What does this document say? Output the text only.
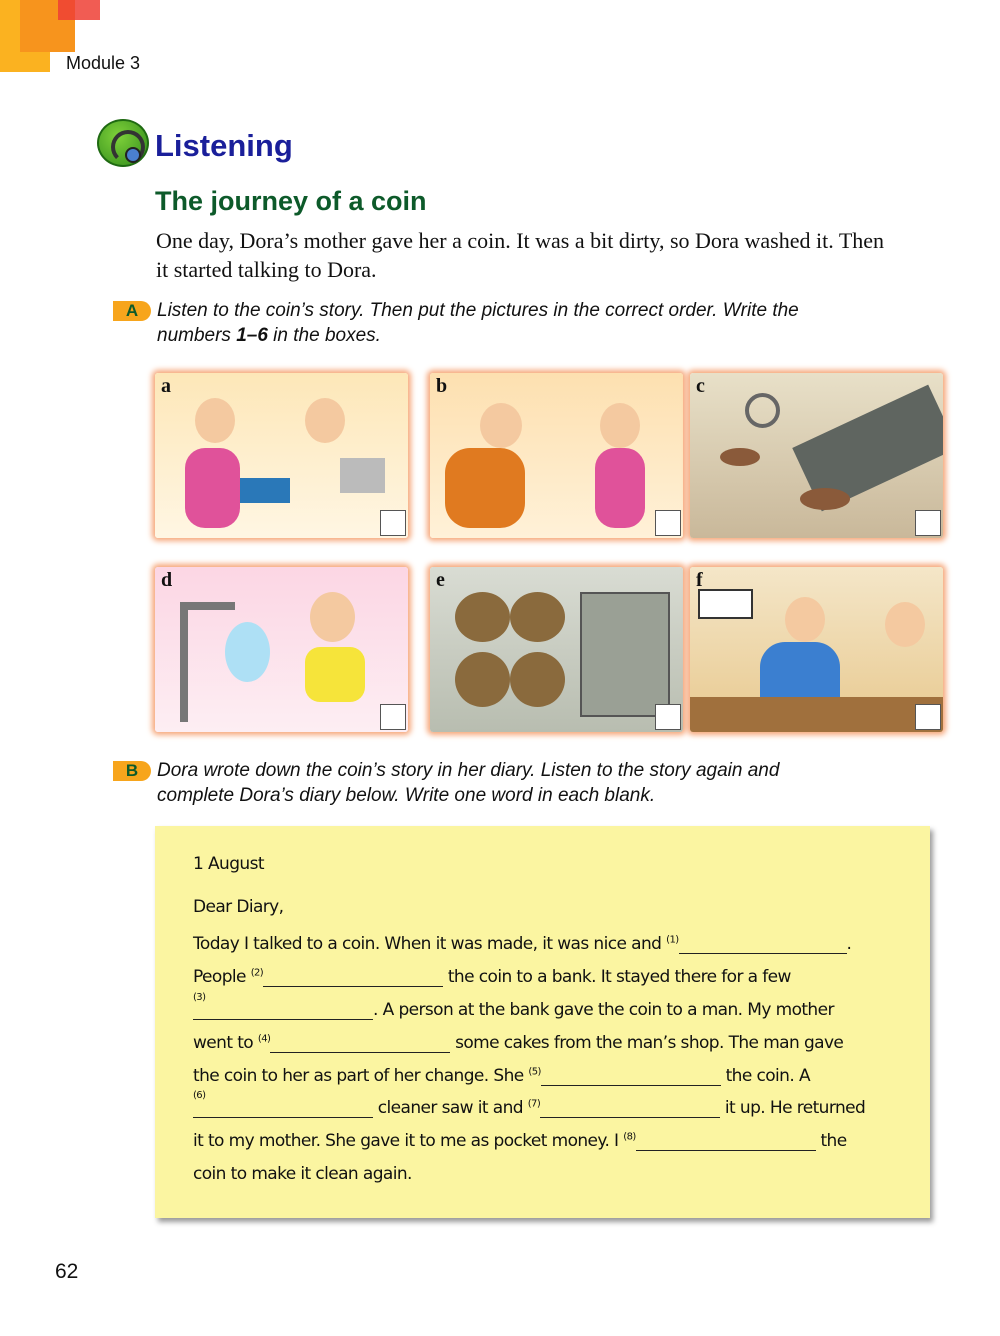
Module 3
Listening
The journey of a coin
One day, Dora’s mother gave her a coin. It was a bit dirty, so Dora washed it. Then it started talking to Dora.
A Listen to the coin’s story. Then put the pictures in the correct order. Write the
numbers 1–6 in the boxes.
a	b	c
d	e	f
B Dora wrote down the coin’s story in her diary. Listen to the story again and
complete Dora’s diary below. Write one word in each blank.
1 August
Dear Diary,
Today I talked to a coin. When it was made, it was nice and $^{(1)}$	.
People $^{(2)}$	the coin to a bank. It stayed there for a few
(3)
. A person at the bank gave the coin to a man. My mother
went to $^{(4)}$	some cakes from the man’s shop. The man gave
the coin to her as part of her change. She $^{(5)}$	the coin. A
(6)
cleaner saw it and $^{(7)}$	it up. He returned
it to my mother. She gave it to me as pocket money. I $^{(8)}$	the
coin to make it clean again.
62
